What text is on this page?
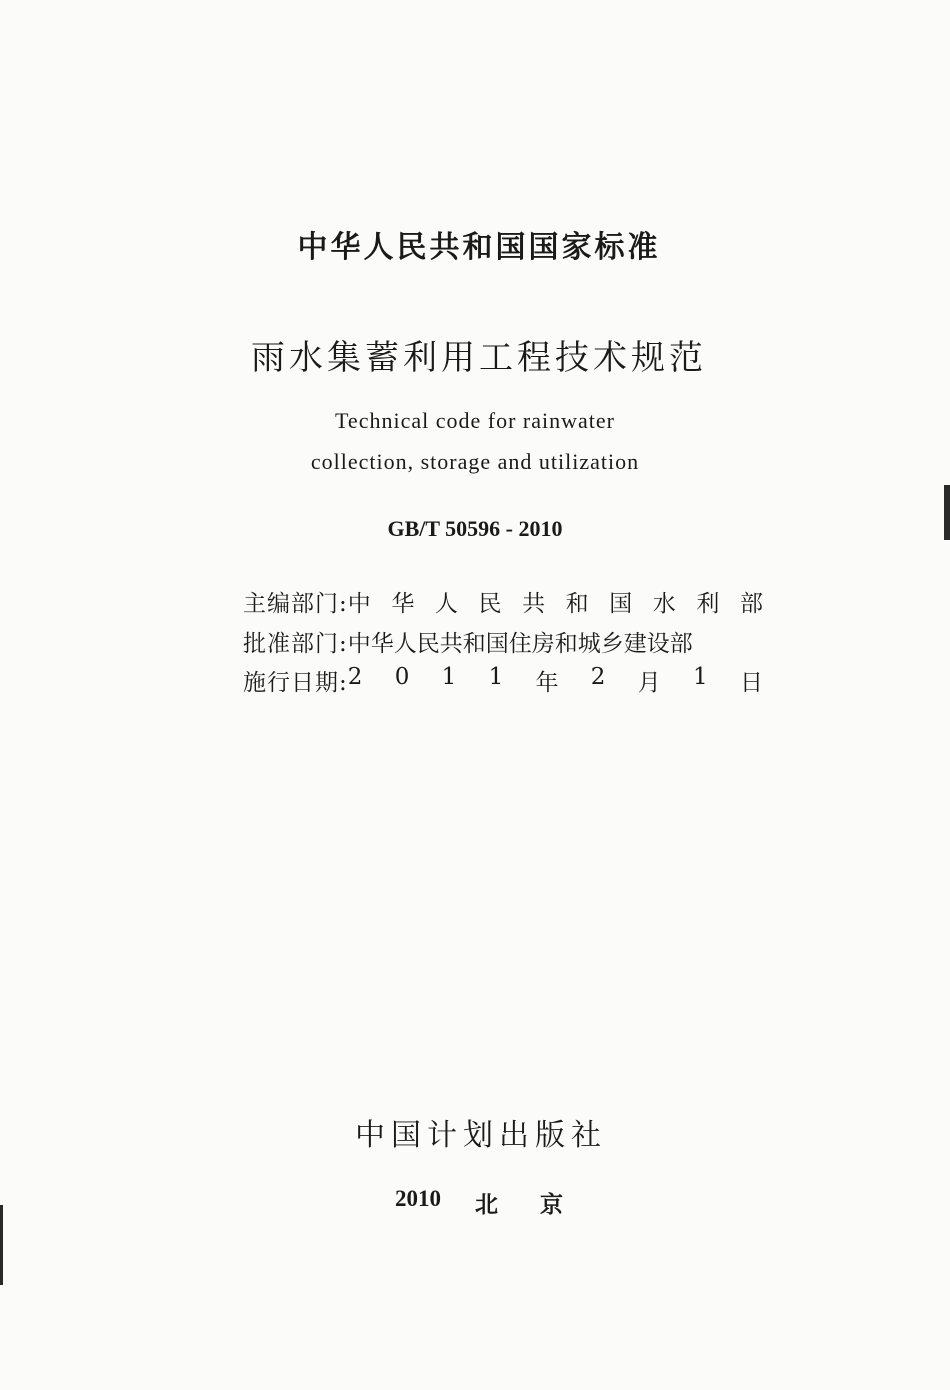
中华人民共和国国家标准
雨水集蓄利用工程技术规范
Technical code for rainwater
collection, storage and utilization
GB/T 50596 - 2010
主编部门: 中 华 人 民 共 和 国 水 利 部
批准部门: 中华人民共和国住房和城乡建设部
施行日期: 2 0 1 1 年 2 月 1 日
中国计划出版社
2010 北 京
